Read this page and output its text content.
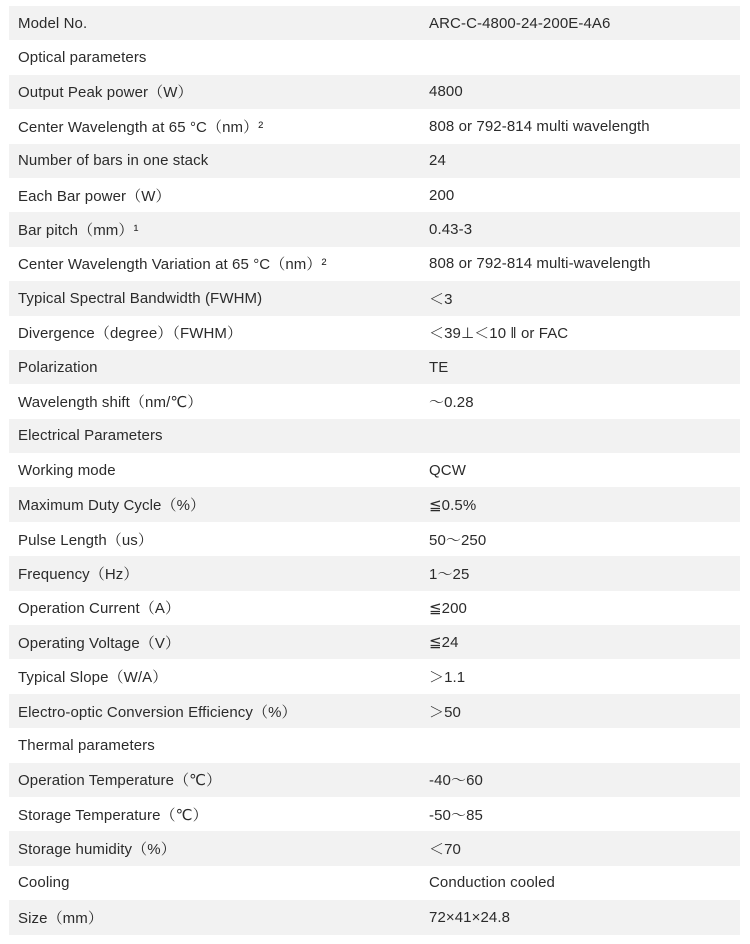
Model No.	ARC-C-4800-24-200E-4A6
Optical parameters
Output Peak power（W）	4800
Center Wavelength at 65 °C（nm）²	808 or 792-814 multi wavelength
Number of bars in one stack	24
Each Bar power（W）	200
Bar pitch（mm）¹	0.43-3
Center Wavelength Variation at 65 °C（nm）²	808 or 792-814 multi-wavelength
Typical Spectral Bandwidth (FWHM)	＜3
Divergence（degree）（FWHM）	＜39⊥＜10 ‖ or FAC
Polarization	TE
Wavelength shift（nm/℃）	～0.28
Electrical Parameters
Working mode	QCW
Maximum Duty Cycle（%）	≦0.5%
Pulse Length（us）	50～250
Frequency（Hz）	1～25
Operation Current（A）	≦200
Operating Voltage（V）	≦24
Typical Slope（W/A）	＞1.1
Electro-optic Conversion Efficiency（%）	＞50
Thermal parameters
Operation Temperature（℃）	-40～60
Storage Temperature（℃）	-50～85
Storage humidity（%）	＜70
Cooling	Conduction cooled
Size（mm）	72×41×24.8
